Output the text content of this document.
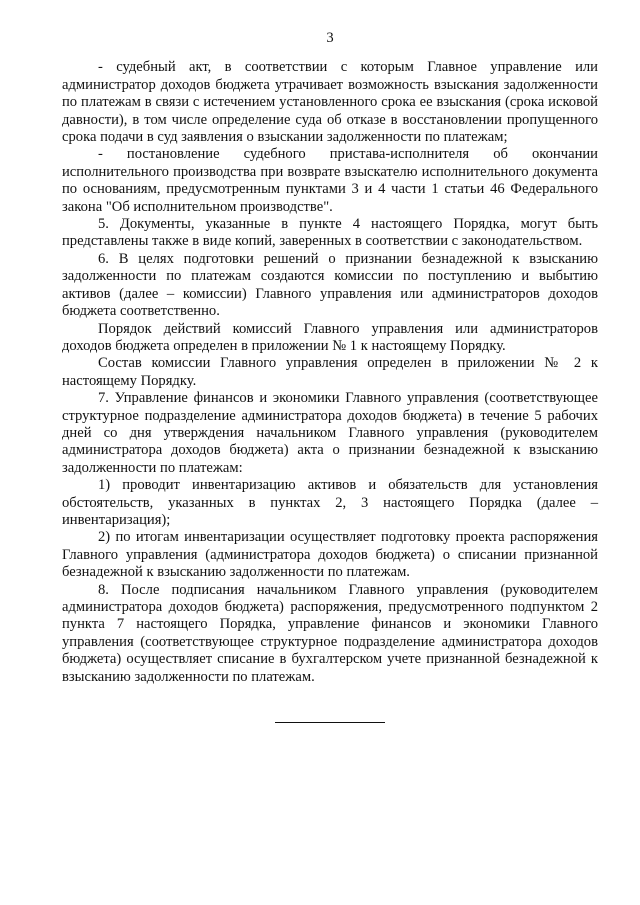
3

- судебный акт, в соответствии с которым Главное управление или администратор доходов бюджета утрачивает возможность взыскания задолженности по платежам в связи с истечением установленного срока ее взыскания (срока исковой давности), в том числе определение суда об отказе в восстановлении пропущенного срока подачи в суд заявления о взыскании задолженности по платежам;

- постановление судебного пристава-исполнителя об окончании исполнительного производства при возврате взыскателю исполнительного документа по основаниям, предусмотренным пунктами 3 и 4 части 1 статьи 46 Федерального закона "Об исполнительном производстве".

5. Документы, указанные в пункте 4 настоящего Порядка, могут быть представлены также в виде копий, заверенных в соответствии с законодательством.

6. В целях подготовки решений о признании безнадежной к взысканию задолженности по платежам создаются комиссии по поступлению и выбытию активов (далее – комиссии) Главного управления или администраторов доходов бюджета соответственно.

Порядок действий комиссий Главного управления или администраторов доходов бюджета определен в приложении № 1 к настоящему Порядку.

Состав комиссии Главного управления определен в приложении № 2 к настоящему Порядку.

7. Управление финансов и экономики Главного управления (соответствующее структурное подразделение администратора доходов бюджета) в течение 5 рабочих дней со дня утверждения начальником Главного управления (руководителем администратора доходов бюджета) акта о признании безнадежной к взысканию задолженности по платежам:

1) проводит инвентаризацию активов и обязательств для установления обстоятельств, указанных в пунктах 2, 3 настоящего Порядка (далее – инвентаризация);

2) по итогам инвентаризации осуществляет подготовку проекта распоряжения Главного управления (администратора доходов бюджета) о списании признанной безнадежной к взысканию задолженности по платежам.

8. После подписания начальником Главного управления (руководителем администратора доходов бюджета) распоряжения, предусмотренного подпунктом 2 пункта 7 настоящего Порядка, управление финансов и экономики Главного управления (соответствующее структурное подразделение администратора доходов бюджета) осуществляет списание в бухгалтерском учете признанной безнадежной к взысканию задолженности по платежам.
